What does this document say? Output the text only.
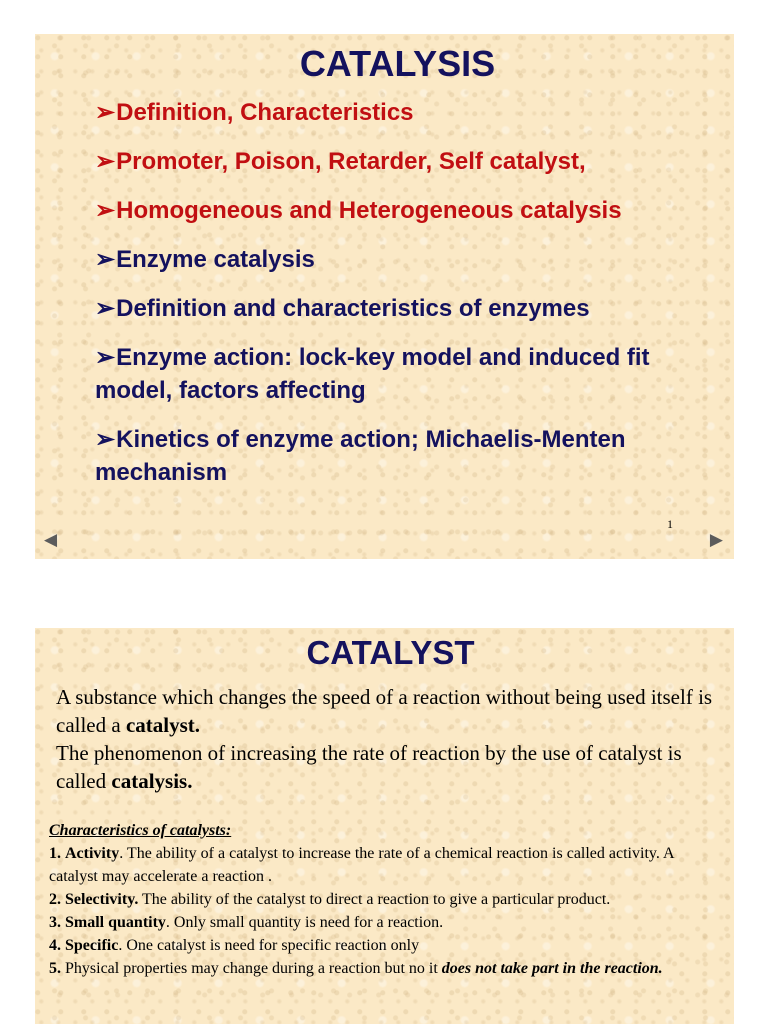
CATALYSIS
➢Definition, Characteristics
➢Promoter, Poison, Retarder, Self catalyst,
➢Homogeneous and Heterogeneous catalysis
➢Enzyme catalysis
➢Definition and characteristics of enzymes
➢Enzyme action: lock-key model and induced fit model, factors affecting
➢Kinetics of enzyme action; Michaelis-Menten mechanism
1
◀	▶
CATALYST

A substance which changes the speed of a reaction without being used itself is called a catalyst.

The phenomenon of increasing the rate of reaction by the use of catalyst is called catalysis.

Characteristics of catalysts:

1. Activity. The ability of a catalyst to increase the rate of a chemical reaction is called activity. A catalyst may accelerate a reaction .

2. Selectivity. The ability of the catalyst to direct a reaction to give a particular product.

3. Small quantity. Only small quantity is need for a reaction.

4. Specific. One catalyst is need for specific reaction only

5. Physical properties may change during a reaction but no it does not take part in the reaction.
